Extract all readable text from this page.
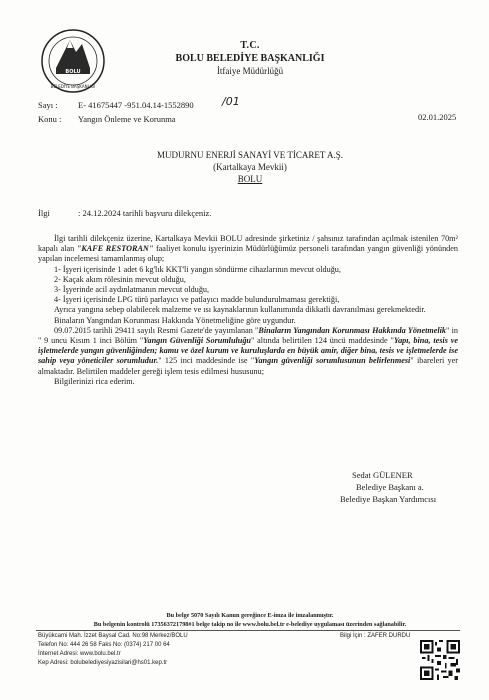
BOLU
BELEDİYE BAŞKANLIĞI
T.C.
BOLU BELEDİYE BAŞKANLIĞI
İtfaiye Müdürlüğü
Sayı : E- 41675447 -951.04.14-1552890	/01
02.01.2025
Konu : Yangın Önleme ve Korunma
MUDURNU ENERJİ SANAYİ VE TİCARET A.Ş.
(Kartalkaya Mevkii)
BOLU
İlgi	: 24.12.2024 tarihli başvuru dilekçeniz.

İlgi tarihli dilekçeniz üzerine, Kartalkaya Mevkii BOLU adresinde şirketiniz / şahsınız tarafından açılmak istenilen 70m² kapalı alan "KAFE RESTORAN" faaliyet konulu işyerinizin Müdürlüğümüz personeli tarafından yangın güvenliği yönünden yapılan incelemesi tamamlanmış olup;

1- İşyeri içerisinde 1 adet 6 kg'lık KKT'li yangın söndürme cihazlarının mevcut olduğu,

2- Kaçak akım rölesinin mevcut olduğu,

3- İşyerinde acil aydınlatmanın mevcut olduğu,

4- İşyeri içerisinde LPG türü parlayıcı ve patlayıcı madde bulundurulmaması gerektiği,

Ayrıca yangına sebep olabilecek malzeme ve ısı kaynaklarının kullanımında dikkatli davranılması gerekmektedir.

Binaların Yangından Korunması Hakkında Yönetmeliğine göre uygundur.

09.07.2015 tarihli 29411 sayılı Resmi Gazete'de yayımlanan "Binaların Yangından Korunması Hakkında Yönetmelik" in " 9 uncu Kısım 1 inci Bölüm "Yangın Güvenliği Sorumluluğu" altında belirtilen 124 üncü maddesinde "Yapı, bina, tesis ve işletmelerde yangın güvenliğinden; kamu ve özel kurum ve kuruluşlarda en büyük amir, diğer bina, tesis ve işletmelerde ise sahip veya yöneticiler sorumludur." 125 inci maddesinde ise "Yangın güvenliği sorumlusunun belirlenmesi" ibareleri yer almaktadır. Belirtilen maddeler gereği işlem tesis edilmesi hususunu;

Bilgilerinizi rica ederim.

Sedat GÜLENER
Belediye Başkanı a.
Belediye Başkan Yardımcısı
Bu belge 5070 Sayılı Kanun gereğince E-imza ile imzalanmıştır.
Bu belgenin kontrolü 173563721798#1 belge takip no ile www.bolu.bel.tr e-belediye uygulaması üzerinden sağlanabilir.
Büyükcami Mah. İzzet Baysal Cad. No:98 Merkez/BOLU
Telefon No: 444 26 58 Faks No: (0374) 217 00 64
İnternet Adresi: www.bolu.bel.tr
Kep Adresi: bolubelediyesiyazisilari@hs01.kep.tr
Bilgi İçin : ZAFER DURDU
